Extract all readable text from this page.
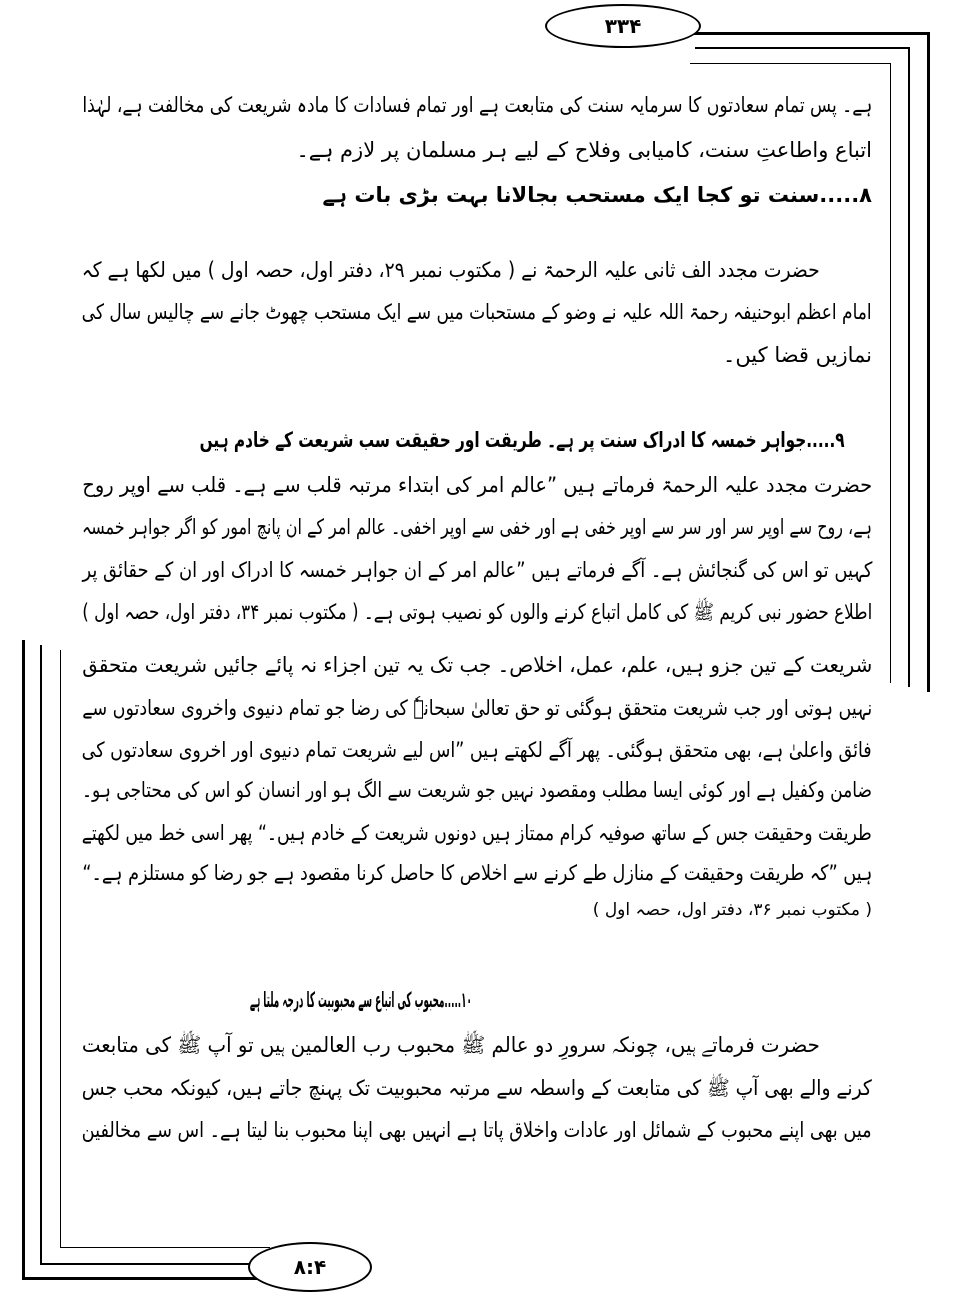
۳۳۴
۸:۴
ہے۔ پس تمام سعادتوں کا سرمایہ سنت کی متابعت ہے اور تمام فسادات کا مادہ شریعت کی مخالفت ہے، لہٰذا
اتباع واطاعتِ سنت، کامیابی وفلاح کے لیے ہر مسلمان پر لازم ہے۔
۸.....سنت تو کجا ایک مستحب بجالانا بہت بڑی بات ہے
حضرت مجدد الف ثانی علیہ الرحمۃ نے ( مکتوب نمبر ۲۹، دفتر اول، حصہ اول ) میں لکھا ہے کہ
امام اعظم ابوحنیفہ رحمۃ اللہ علیہ نے وضو کے مستحبات میں سے ایک مستحب چھوٹ جانے سے چالیس سال کی
نمازیں قضا کیں۔
۹.....جواہر خمسہ کا ادراک سنت پر ہے۔ طریقت اور حقیقت سب شریعت کے خادم ہیں
حضرت مجدد علیہ الرحمۃ فرماتے ہیں ”عالم امر کی ابتداء مرتبہ قلب سے ہے۔ قلب سے اوپر روح
ہے، روح سے اوپر سر اور سر سے اوپر خفی ہے اور خفی سے اوپر اخفی۔ عالم امر کے ان پانچ امور کو اگر جواہر خمسہ
کہیں تو اس کی گنجائش ہے۔ آگے فرماتے ہیں ”عالم امر کے ان جواہر خمسہ کا ادراک اور ان کے حقائق پر
اطلاع حضور نبی کریم ﷺ کی کامل اتباع کرنے والوں کو نصیب ہوتی ہے۔ ( مکتوب نمبر ۳۴، دفتر اول، حصہ اول )
شریعت کے تین جزو ہیں، علم، عمل، اخلاص۔ جب تک یہ تین اجزاء نہ پائے جائیں شریعت متحقق
نہیں ہوتی اور جب شریعت متحقق ہوگئی تو حق تعالیٰ سبحانہٗ کی رضا جو تمام دنیوی واخروی سعادتوں سے
فائق واعلیٰ ہے، بھی متحقق ہوگئی۔ پھر آگے لکھتے ہیں ”اس لیے شریعت تمام دنیوی اور اخروی سعادتوں کی
ضامن وکفیل ہے اور کوئی ایسا مطلب ومقصود نہیں جو شریعت سے الگ ہو اور انسان کو اس کی محتاجی ہو۔
طریقت وحقیقت جس کے ساتھ صوفیہ کرام ممتاز ہیں دونوں شریعت کے خادم ہیں۔“ پھر اسی خط میں لکھتے
ہیں ”کہ طریقت وحقیقت کے منازل طے کرنے سے اخلاص کا حاصل کرنا مقصود ہے جو رضا کو مستلزم ہے۔“
( مکتوب نمبر ۳۶، دفتر اول، حصہ اول )
۱۰.....محبوب کی اتباع سے محبوبیت کا درجہ ملتا ہے
حضرت فرماتے ہیں، چونکہ سرورِ دو عالم ﷺ محبوب رب العالمین ہیں تو آپ ﷺ کی متابعت
کرنے والے بھی آپ ﷺ کی متابعت کے واسطہ سے مرتبہ محبوبیت تک پہنچ جاتے ہیں، کیونکہ محب جس
میں بھی اپنے محبوب کے شمائل اور عادات واخلاق پاتا ہے انہیں بھی اپنا محبوب بنا لیتا ہے۔ اس سے مخالفین
